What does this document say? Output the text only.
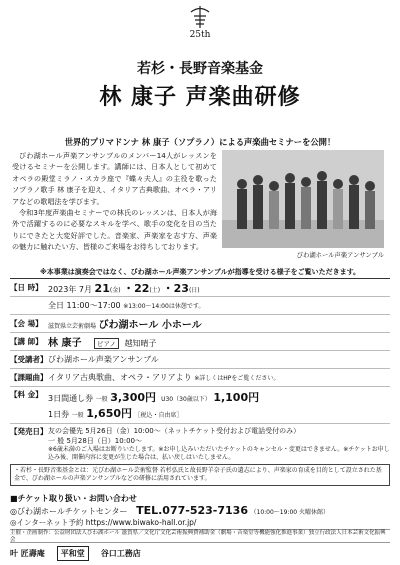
25th
若杉・長野音楽基金
林 康子 声楽曲研修
世界的プリマドンナ 林 康子（ソプラノ）による声楽曲セミナーを公開！

びわ湖ホール声楽アンサンブルのメンバー14人がレッスンを受けるセミナーを公開します。講師には、日本人として初めてオペラの殿堂ミラノ・スカラ座で『蝶々夫人』の主役を歌ったソプラノ歌手 林 康子を迎え、イタリア古典歌曲、オペラ・アリアなどの歌唱法を学びます。

令和3年度声楽曲セミナーでの林氏のレッスンは、日本人が海外で活躍するのに必要なスキルを学べ、歌手の変化を目の当たりにできたと大変好評でした。音楽家、声楽家を志す方、声楽の魅力に触れたい方、皆様のご来場をお待ちしております。

びわ湖ホール声楽アンサンブル
※本事業は演奏会ではなく、びわ湖ホール声楽アンサンブルが指導を受ける様子をご覧いただきます。
【日 時】 2023年 7月 21(金) ・22(土) ・23(日)
全日 11:00～17:00 ※13:00～14:00は休憩です。
【会 場】 滋賀県立芸術劇場 びわ湖ホール 小ホール
【講 師】 林 康子 ピアノ 越知晴子
【受講者】 びわ湖ホール声楽アンサンブル
【課題曲】 イタリア古典歌曲、オペラ・アリアより ※詳しくはHPをご覧ください。
【料 金】 3日間通し券 一般 3,300円 U30（30歳以下） 1,100円
1日券 一般 1,650円 ［税込・自由席］
【発売日】 友の会優先 5月26日（金）10:00～（ネットチケット受付および電話受付のみ）
一 般 5月28日（日）10:00～
※6歳未満のご入場はお断りいたします。※お申し込みいただいたチケットのキャンセル・変更はできません。※チケットお申し込み後、開催内容に変更が生じた場合は、払い戻しはいたしません。
・若杉・長野音楽基金とは：元びわ湖ホール芸術監督 若杉弘氏と故長野羊奈子氏の遺志により、声楽家の育成を目的として設立された基金で、びわ湖ホールの声楽アンサンブルなどの研修に活用されています。
■チケット取り扱い・お問い合わせ
◎びわ湖ホールチケットセンター TEL.077-523-7136 （10:00～19:00 火曜休館）
◎インターネット予約 https://www.biwako-hall.or.jp/
主催・企画制作：公益財団法人びわ湖ホール 滋賀県／文化庁文化芸術振興費補助金（劇場・音楽堂等機能強化推進事業）独立行政法人日本芸術文化振興会
叶 匠壽庵	平和堂	谷口工務店
